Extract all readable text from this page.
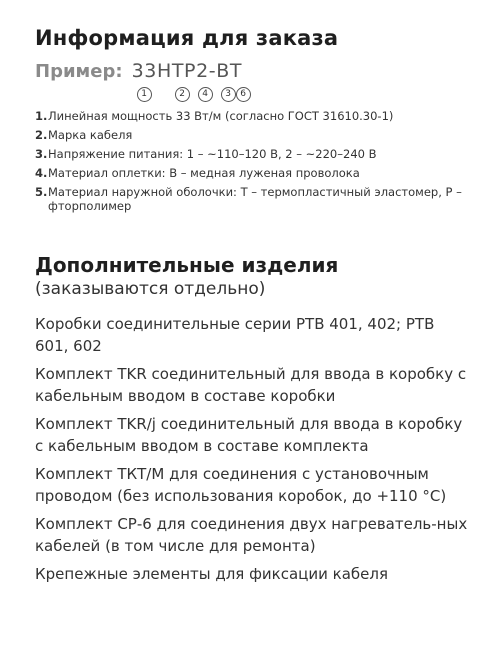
Информация для заказа
Пример: 33НТР2-ВТ
1	2	4	3	6
1. Линейная мощность 33 Вт/м (согласно ГОСТ 31610.30-1)
2. Марка кабеля
3. Напряжение питания: 1 – ~110–120 В, 2 – ~220–240 В
4. Материал оплетки: В – медная луженая проволока
5. Материал наружной оболочки: Т – термопластичный эластомер, Р – фторполимер
Дополнительные изделия
(заказываются отдельно)
Коробки соединительные серии РТВ 401, 402; РТВ 601, 602
Комплект TKR соединительный для ввода в коробку с кабельным вводом в составе коробки
Комплект TKR/j соединительный для ввода в коробку с кабельным вводом в составе комплекта
Комплект ТКТ/М для соединения с установочным проводом (без использования коробок, до +110 °С)
Комплект СР-6 для соединения двух нагреватель-ных кабелей (в том числе для ремонта)
Крепежные элементы для фиксации кабеля
